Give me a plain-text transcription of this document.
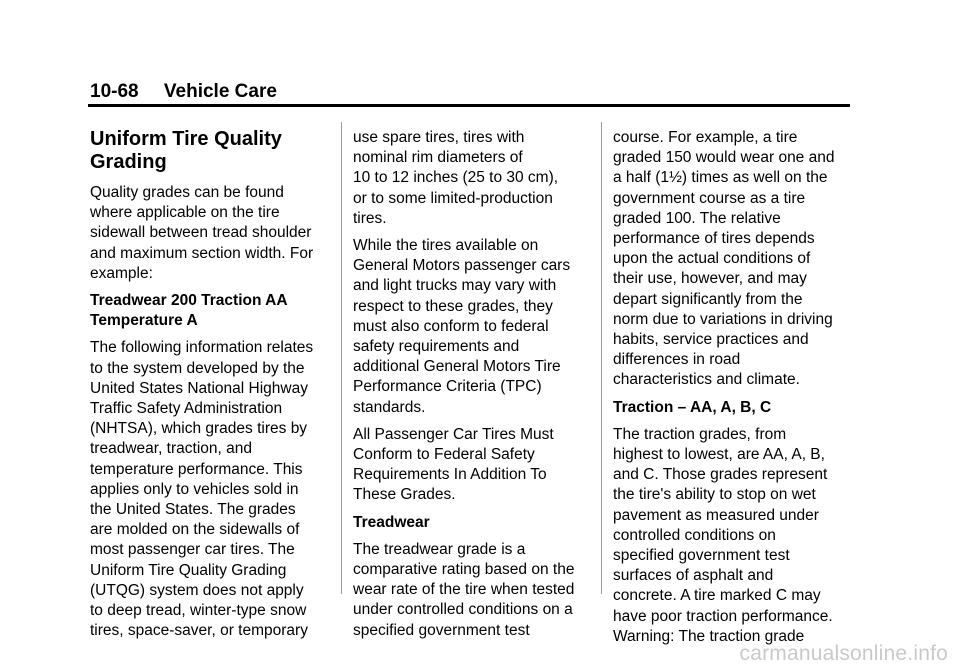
10-68 Vehicle Care
Uniform Tire Quality
Grading

Quality grades can be found
where applicable on the tire
sidewall between tread shoulder
and maximum section width. For
example:

Treadwear 200 Traction AA
Temperature A

The following information relates
to the system developed by the
United States National Highway
Traffic Safety Administration
(NHTSA), which grades tires by
treadwear, traction, and
temperature performance. This
applies only to vehicles sold in
the United States. The grades
are molded on the sidewalls of
most passenger car tires. The
Uniform Tire Quality Grading
(UTQG) system does not apply
to deep tread, winter-type snow
tires, space-saver, or temporary

use spare tires, tires with
nominal rim diameters of
10 to 12 inches (25 to 30 cm),
or to some limited-production
tires.

While the tires available on
General Motors passenger cars
and light trucks may vary with
respect to these grades, they
must also conform to federal
safety requirements and
additional General Motors Tire
Performance Criteria (TPC)
standards.

All Passenger Car Tires Must
Conform to Federal Safety
Requirements In Addition To
These Grades.

Treadwear

The treadwear grade is a
comparative rating based on the
wear rate of the tire when tested
under controlled conditions on a
specified government test

course. For example, a tire
graded 150 would wear one and
a half (1½) times as well on the
government course as a tire
graded 100. The relative
performance of tires depends
upon the actual conditions of
their use, however, and may
depart significantly from the
norm due to variations in driving
habits, service practices and
differences in road
characteristics and climate.

Traction – AA, A, B, C

The traction grades, from
highest to lowest, are AA, A, B,
and C. Those grades represent
the tire's ability to stop on wet
pavement as measured under
controlled conditions on
specified government test
surfaces of asphalt and
concrete. A tire marked C may
have poor traction performance.
Warning: The traction grade

carmanualsonline.info
